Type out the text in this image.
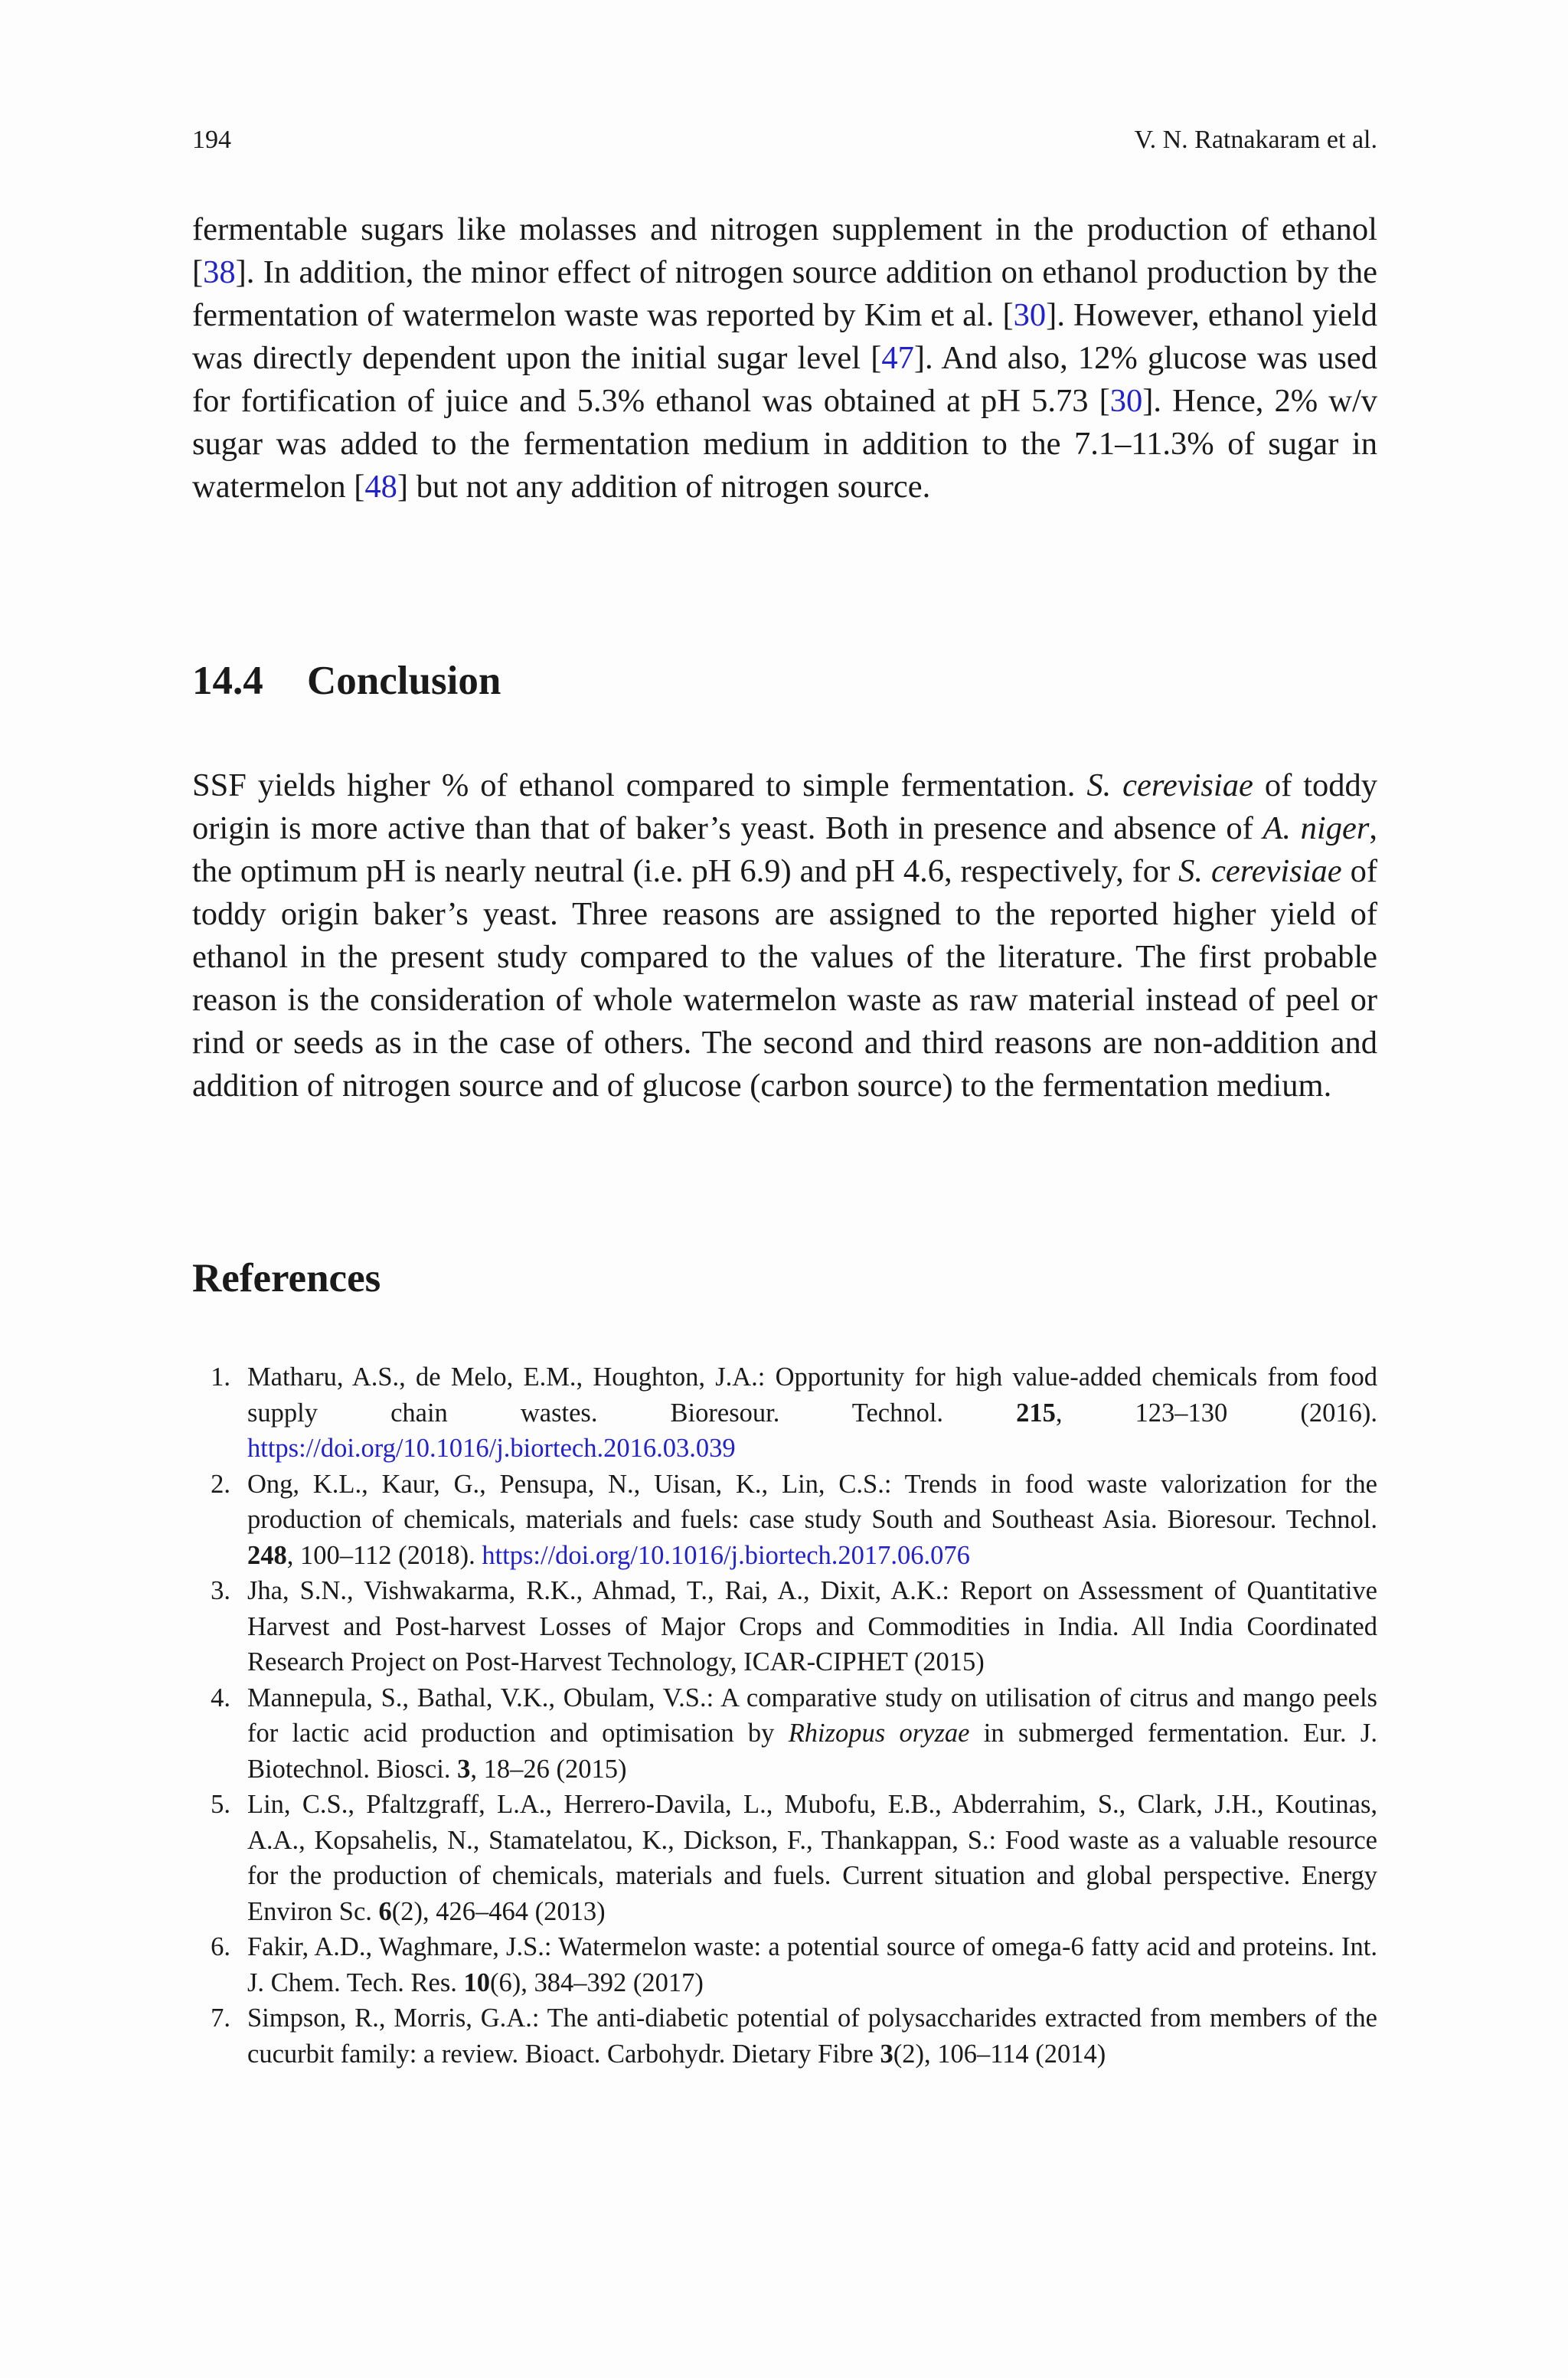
194	V. N. Ratnakaram et al.

fermentable sugars like molasses and nitrogen supplement in the production of ethanol [38]. In addition, the minor effect of nitrogen source addition on ethanol production by the fermentation of watermelon waste was reported by Kim et al. [30]. However, ethanol yield was directly dependent upon the initial sugar level [47]. And also, 12% glucose was used for fortification of juice and 5.3% ethanol was obtained at pH 5.73 [30]. Hence, 2% w/v sugar was added to the fermentation medium in addition to the 7.1–11.3% of sugar in watermelon [48] but not any addition of nitrogen source.

14.4 Conclusion

SSF yields higher % of ethanol compared to simple fermentation. S. cerevisiae of toddy origin is more active than that of baker’s yeast. Both in presence and absence of A. niger, the optimum pH is nearly neutral (i.e. pH 6.9) and pH 4.6, respectively, for S. cerevisiae of toddy origin baker’s yeast. Three reasons are assigned to the reported higher yield of ethanol in the present study compared to the values of the literature. The first probable reason is the consideration of whole watermelon waste as raw material instead of peel or rind or seeds as in the case of others. The second and third reasons are non-addition and addition of nitrogen source and of glucose (carbon source) to the fermentation medium.

References
1. Matharu, A.S., de Melo, E.M., Houghton, J.A.: Opportunity for high value-added chemicals from food supply chain wastes. Bioresour. Technol. 215, 123–130 (2016). https://doi.org/10.1016/j.biortech.2016.03.039
2. Ong, K.L., Kaur, G., Pensupa, N., Uisan, K., Lin, C.S.: Trends in food waste valorization for the production of chemicals, materials and fuels: case study South and Southeast Asia. Bioresour. Technol. 248, 100–112 (2018). https://doi.org/10.1016/j.biortech.2017.06.076
3. Jha, S.N., Vishwakarma, R.K., Ahmad, T., Rai, A., Dixit, A.K.: Report on Assessment of Quantitative Harvest and Post-harvest Losses of Major Crops and Commodities in India. All India Coordinated Research Project on Post-Harvest Technology, ICAR-CIPHET (2015)
4. Mannepula, S., Bathal, V.K., Obulam, V.S.: A comparative study on utilisation of citrus and mango peels for lactic acid production and optimisation by Rhizopus oryzae in submerged fermentation. Eur. J. Biotechnol. Biosci. 3, 18–26 (2015)
5. Lin, C.S., Pfaltzgraff, L.A., Herrero-Davila, L., Mubofu, E.B., Abderrahim, S., Clark, J.H., Koutinas, A.A., Kopsahelis, N., Stamatelatou, K., Dickson, F., Thankappan, S.: Food waste as a valuable resource for the production of chemicals, materials and fuels. Current situation and global perspective. Energy Environ Sc. 6(2), 426–464 (2013)
6. Fakir, A.D., Waghmare, J.S.: Watermelon waste: a potential source of omega-6 fatty acid and proteins. Int. J. Chem. Tech. Res. 10(6), 384–392 (2017)
7. Simpson, R., Morris, G.A.: The anti-diabetic potential of polysaccharides extracted from members of the cucurbit family: a review. Bioact. Carbohydr. Dietary Fibre 3(2), 106–114 (2014)
